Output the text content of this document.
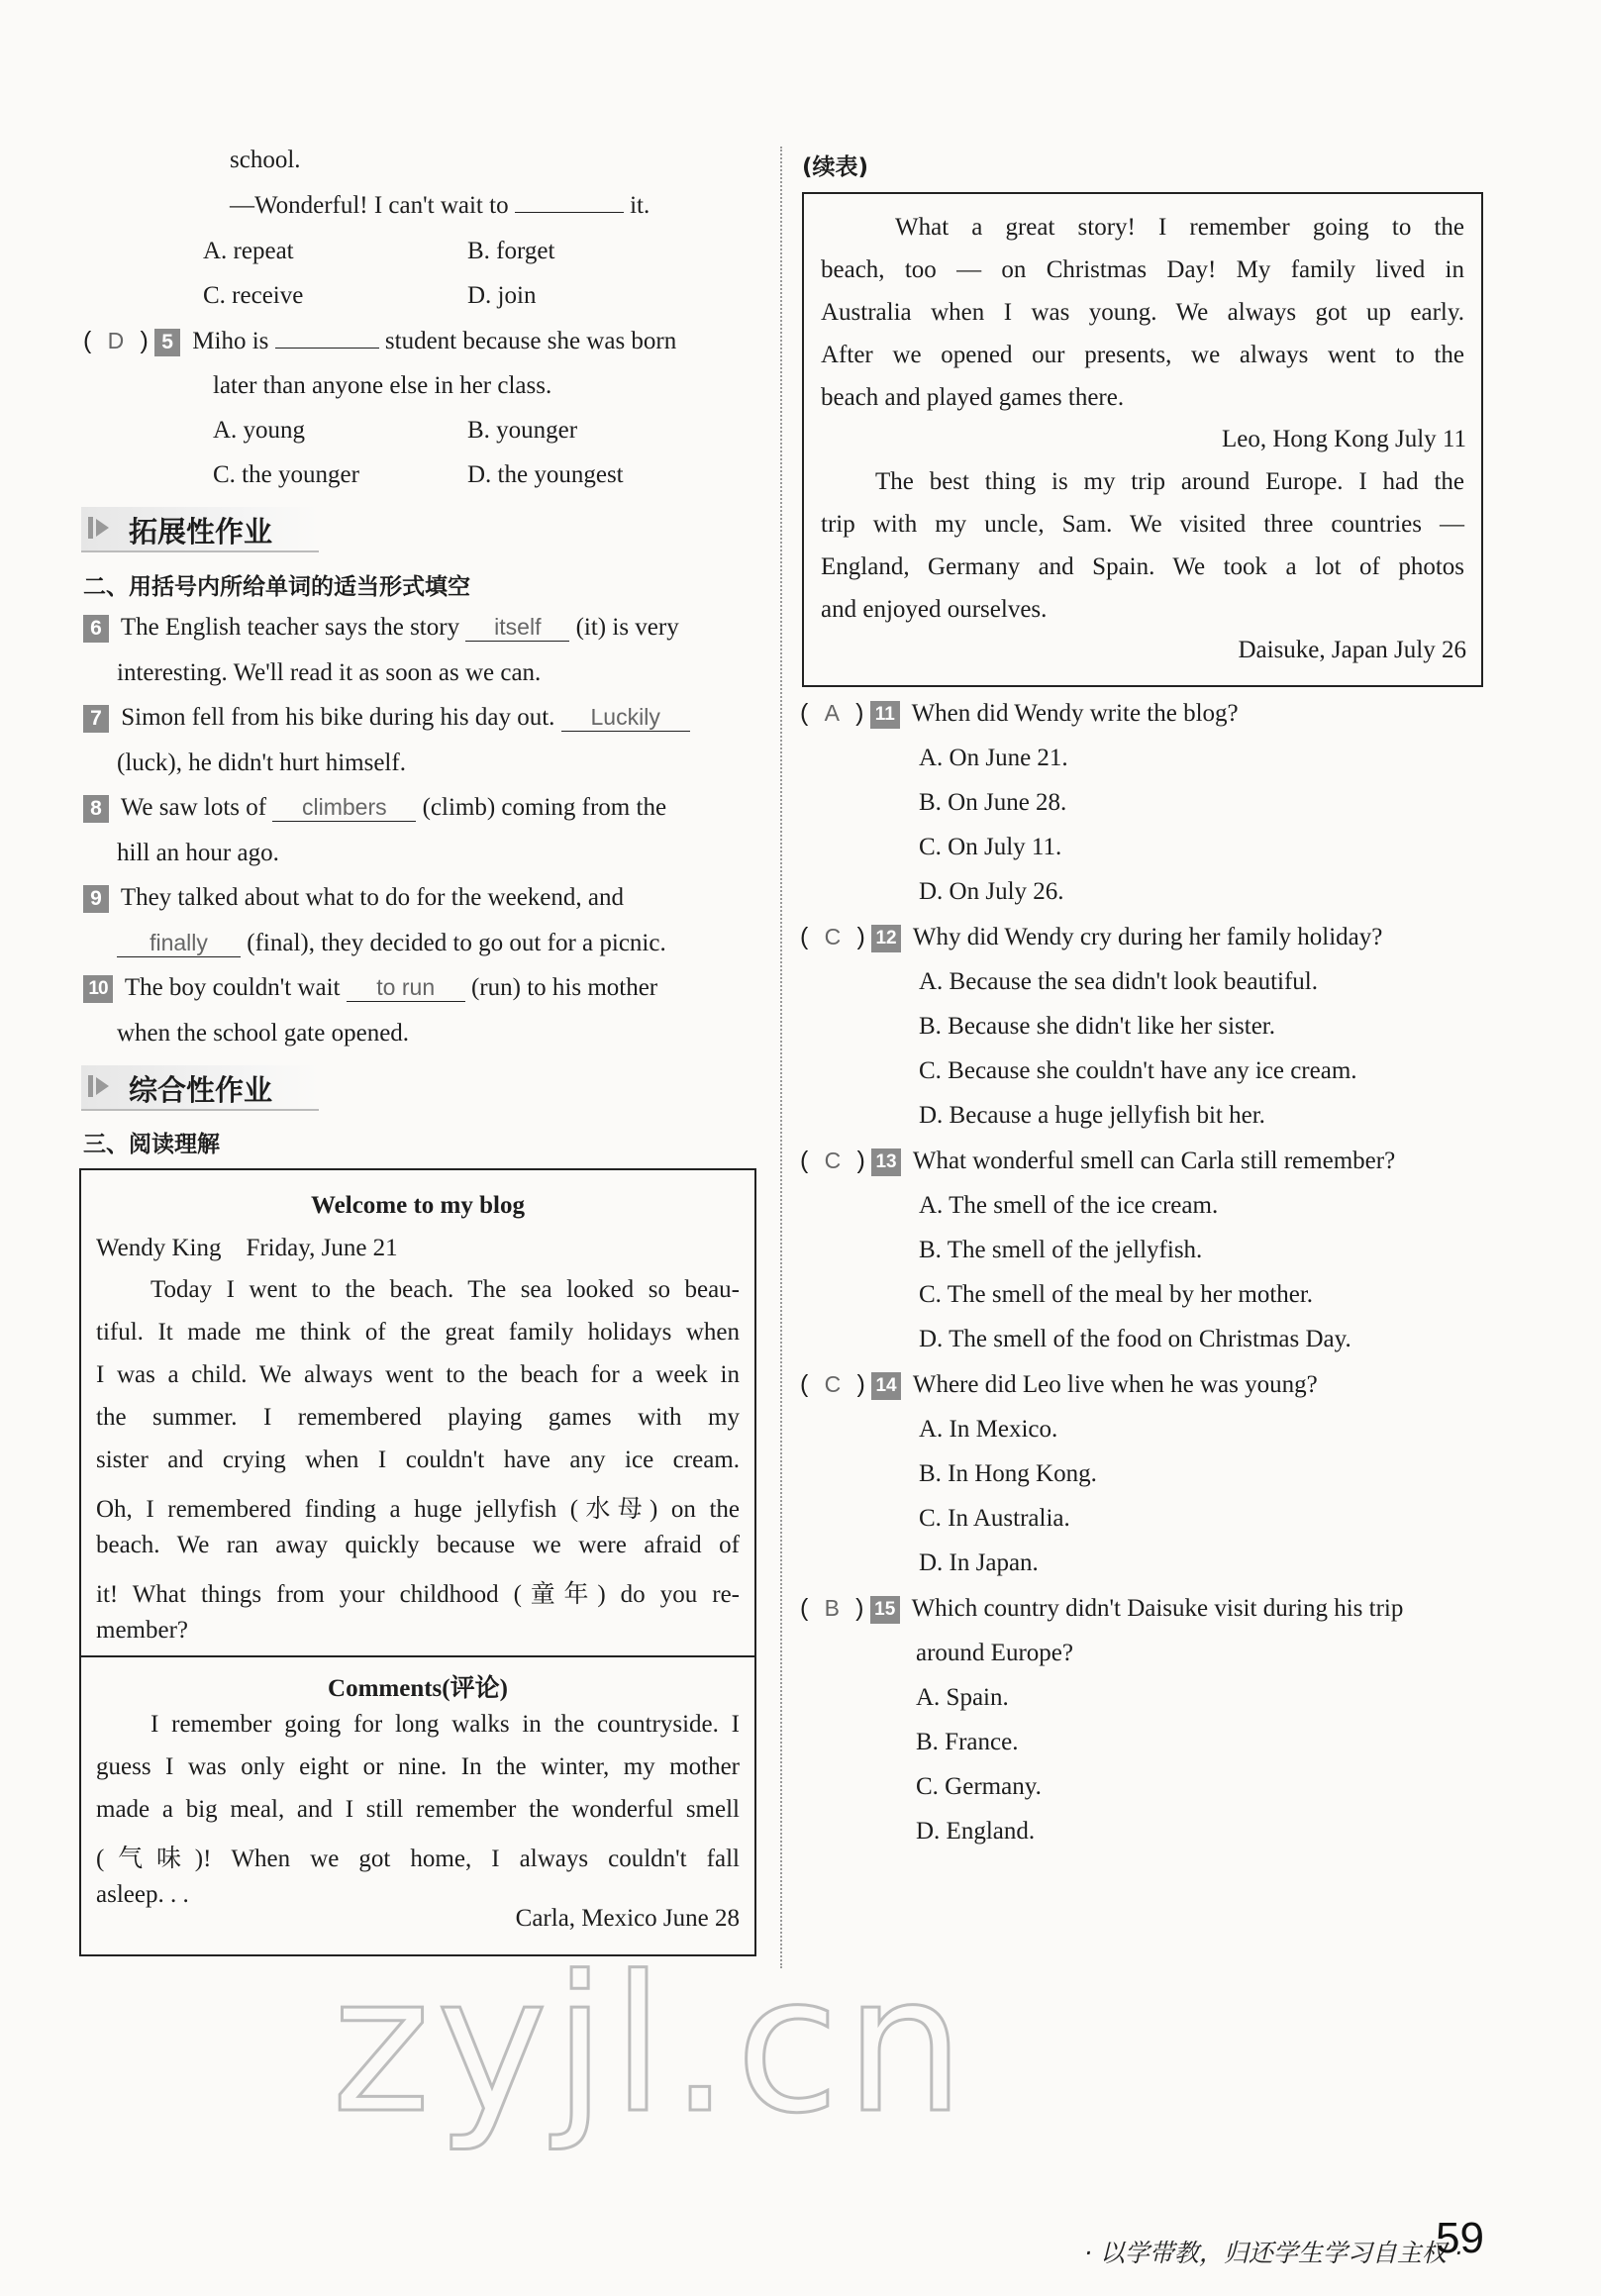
school.
—Wonderful! I can't wait to	it.
A. repeat	B. forget
C. receive	D. join
( D ) 5 Miho is	student because she was born
later than anyone else in her class.
A. young	B. younger
C. the younger	D. the youngest
拓展性作业
二、用括号内所给单词的适当形式填空
6 The English teacher says the story itself (it) is very
interesting. We'll read it as soon as we can.
7 Simon fell from his bike during his day out. Luckily
(luck), he didn't hurt himself.
8 We saw lots of climbers (climb) coming from the
hill an hour ago.
9 They talked about what to do for the weekend, and
finally (final), they decided to go out for a picnic.
10 The boy couldn't wait to run (run) to his mother
when the school gate opened.
综合性作业
三、阅读理解
Welcome to my blog
Wendy King Friday, June 21
Today I went to the beach. The sea looked so beau-
tiful. It made me think of the great family holidays when
I was a child. We always went to the beach for a week in
the summer. I remembered playing games with my
sister and crying when I couldn't have any ice cream.
Oh, I remembered finding a huge jellyfish (水母) on the
beach. We ran away quickly because we were afraid of
it! What things from your childhood (童年) do you re-
member?
Comments(评论)
I remember going for long walks in the countryside. I
guess I was only eight or nine. In the winter, my mother
made a big meal, and I still remember the wonderful smell
(气味)! When we got home, I always couldn't fall
asleep. . .
Carla, Mexico June 28
(续表)
What a great story! I remember going to the
beach, too — on Christmas Day! My family lived in
Australia when I was young. We always got up early.
After we opened our presents, we always went to the
beach and played games there.
Leo, Hong Kong July 11
The best thing is my trip around Europe. I had the
trip with my uncle, Sam. We visited three countries —
England, Germany and Spain. We took a lot of photos
and enjoyed ourselves.
Daisuke, Japan July 26
( A ) 11 When did Wendy write the blog?
A. On June 21.
B. On June 28.
C. On July 11.
D. On July 26.
( C ) 12 Why did Wendy cry during her family holiday?
A. Because the sea didn't look beautiful.
B. Because she didn't like her sister.
C. Because she couldn't have any ice cream.
D. Because a huge jellyfish bit her.
( C ) 13 What wonderful smell can Carla still remember?
A. The smell of the ice cream.
B. The smell of the jellyfish.
C. The smell of the meal by her mother.
D. The smell of the food on Christmas Day.
( C ) 14 Where did Leo live when he was young?
A. In Mexico.
B. In Hong Kong.
C. In Australia.
D. In Japan.
( B ) 15 Which country didn't Daisuke visit during his trip
around Europe?
A. Spain.
B. France.
C. Germany.
D. England.
zyjl.cn
· 以学带教，归还学生学习自主权 ·
59
